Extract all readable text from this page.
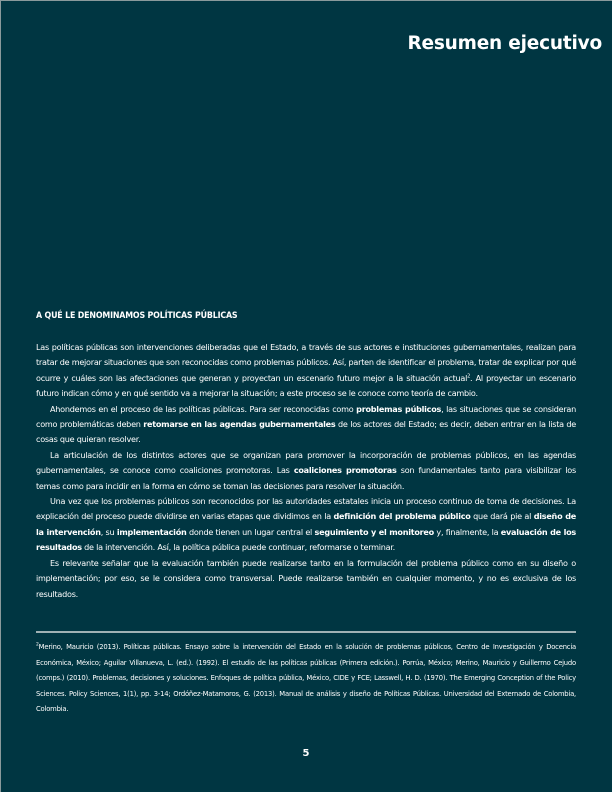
Resumen ejecutivo
A QUÉ LE DENOMINAMOS POLÍTICAS PÚBLICAS

Las políticas públicas son intervenciones deliberadas que el Estado, a través de sus actores e instituciones gubernamentales, realizan para tratar de mejorar situaciones que son reconocidas como problemas públicos. Así, parten de identificar el problema, tratar de explicar por qué ocurre y cuáles son las afectaciones que generan y proyectan un escenario futuro mejor a la situación actual$^2$. Al proyectar un escenario futuro indican cómo y en qué sentido va a mejorar la situación; a este proceso se le conoce como teoría de cambio.

Ahondemos en el proceso de las políticas públicas. Para ser reconocidas como problemas públicos, las situaciones que se consideran como problemáticas deben retomarse en las agendas gubernamentales de los actores del Estado; es decir, deben entrar en la lista de cosas que quieran resolver.

La articulación de los distintos actores que se organizan para promover la incorporación de problemas públicos, en las agendas gubernamentales, se conoce como coaliciones promotoras. Las coaliciones promotoras son fundamentales tanto para visibilizar los temas como para incidir en la forma en cómo se toman las decisiones para resolver la situación.

Una vez que los problemas públicos son reconocidos por las autoridades estatales inicia un proceso continuo de toma de decisiones. La explicación del proceso puede dividirse en varias etapas que dividimos en la definición del problema público que dará pie al diseño de la intervención, su implementación donde tienen un lugar central el seguimiento y el monitoreo y, finalmente, la evaluación de los resultados de la intervención. Así, la política pública puede continuar, reformarse o terminar.

Es relevante señalar que la evaluación también puede realizarse tanto en la formulación del problema público como en su diseño o implementación; por eso, se le considera como transversal. Puede realizarse también en cualquier momento, y no es exclusiva de los resultados.

$^2$Merino, Mauricio (2013). Políticas públicas. Ensayo sobre la intervención del Estado en la solución de problemas públicos, Centro de Investigación y Docencia Económica, México; Aguilar Villanueva, L. (ed.). (1992). El estudio de las políticas públicas (Primera edición.). Porrúa, México; Merino, Mauricio y Guillermo Cejudo (comps.) (2010). Problemas, decisiones y soluciones. Enfoques de política pública, México, CIDE y FCE; Lasswell, H. D. (1970). The Emerging Conception of the Policy Sciences. Policy Sciences, 1(1), pp. 3-14; Ordóñez-Matamoros, G. (2013). Manual de análisis y diseño de Políticas Públicas. Universidad del Externado de Colombia, Colombia.
5
